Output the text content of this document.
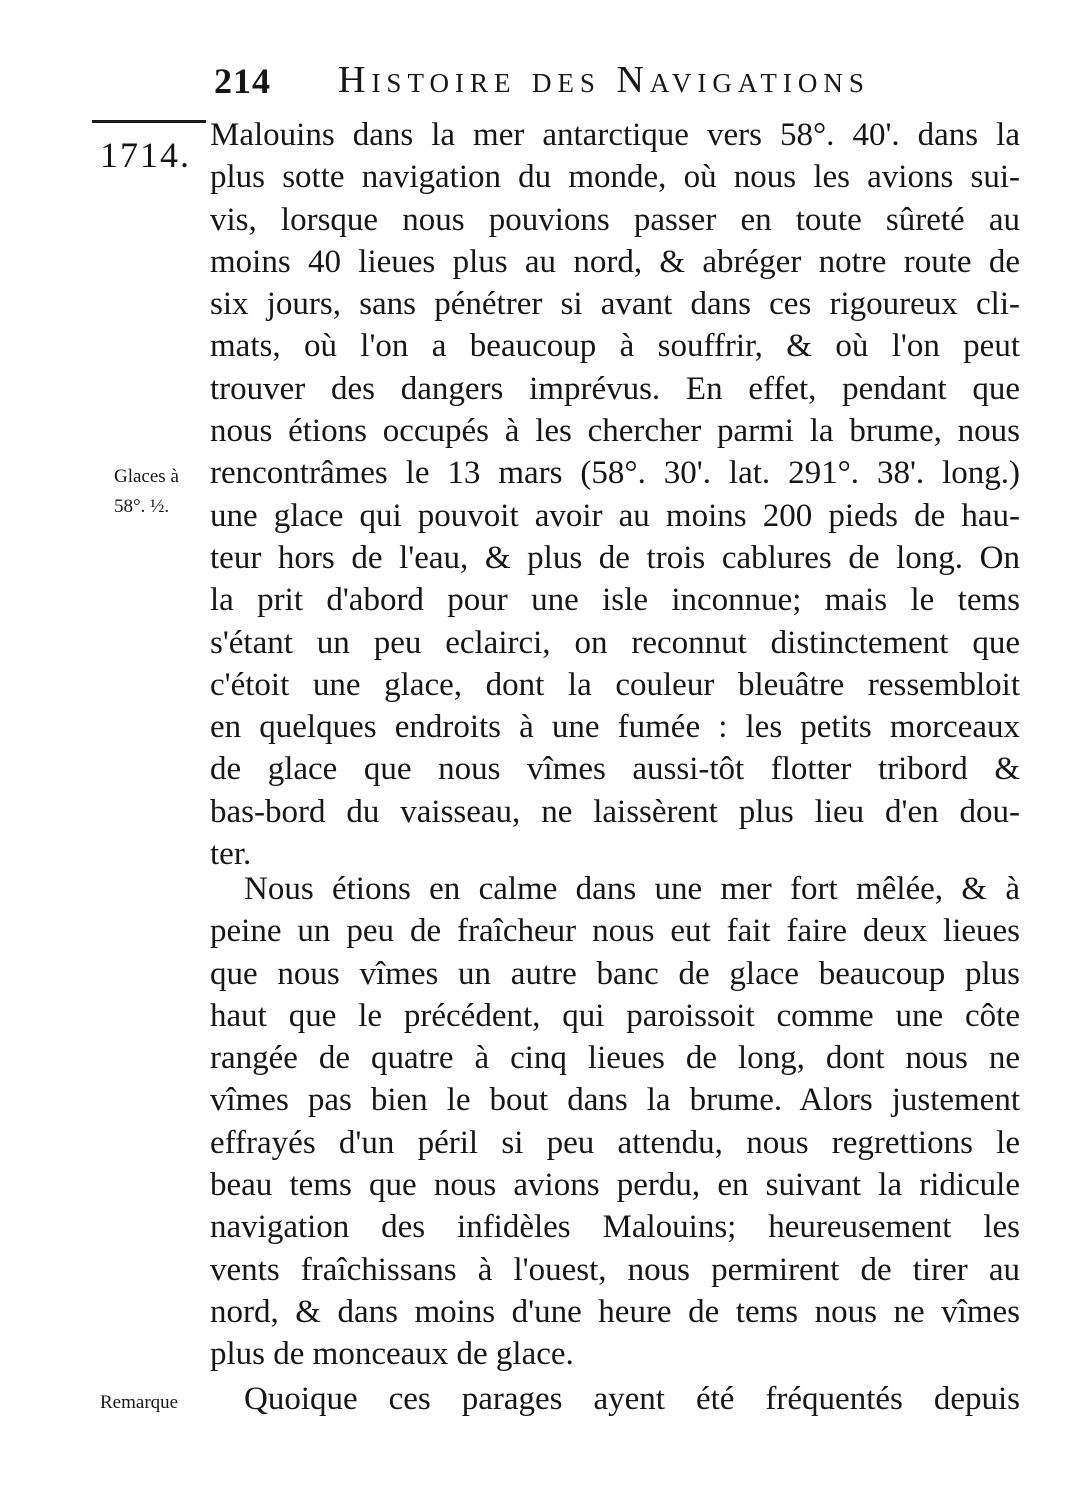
214 Histoire des Navigations
1714.
Glaces à
58°. ½.
Remarque
Malouins dans la mer antarctique vers 58°. 40'. dans la
plus sotte navigation du monde, où nous les avions sui-
vis, lorsque nous pouvions passer en toute sûreté au
moins 40 lieues plus au nord, & abréger notre route de
six jours, sans pénétrer si avant dans ces rigoureux cli-
mats, où l'on a beaucoup à souffrir, & où l'on peut
trouver des dangers imprévus. En effet, pendant que
nous étions occupés à les chercher parmi la brume, nous
rencontrâmes le 13 mars (58°. 30'. lat. 291°. 38'. long.)
une glace qui pouvoit avoir au moins 200 pieds de hau-
teur hors de l'eau, & plus de trois cablures de long. On
la prit d'abord pour une isle inconnue; mais le tems
s'étant un peu eclairci, on reconnut distinctement que
c'étoit une glace, dont la couleur bleuâtre ressembloit
en quelques endroits à une fumée : les petits morceaux
de glace que nous vîmes aussi-tôt flotter tribord &
bas-bord du vaisseau, ne laissèrent plus lieu d'en dou-
ter.
Nous étions en calme dans une mer fort mêlée, & à
peine un peu de fraîcheur nous eut fait faire deux lieues
que nous vîmes un autre banc de glace beaucoup plus
haut que le précédent, qui paroissoit comme une côte
rangée de quatre à cinq lieues de long, dont nous ne
vîmes pas bien le bout dans la brume. Alors justement
effrayés d'un péril si peu attendu, nous regrettions le
beau tems que nous avions perdu, en suivant la ridicule
navigation des infidèles Malouins; heureusement les
vents fraîchissans à l'ouest, nous permirent de tirer au
nord, & dans moins d'une heure de tems nous ne vîmes
plus de monceaux de glace.
Quoique ces parages ayent été fréquentés depuis
